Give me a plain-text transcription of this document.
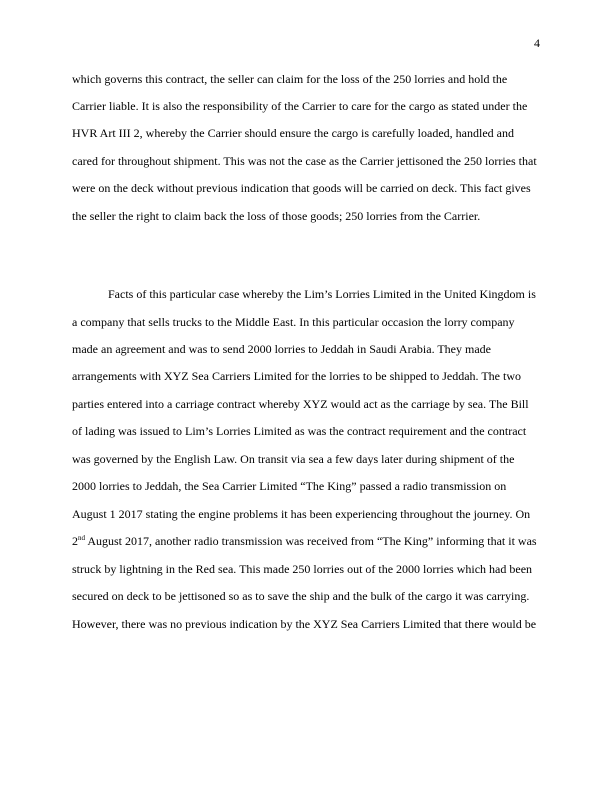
4
which governs this contract, the seller can claim for the loss of the 250 lorries and hold the
Carrier liable. It is also the responsibility of the Carrier to care for the cargo as stated under the
HVR Art III 2, whereby the Carrier should ensure the cargo is carefully loaded, handled and
cared for throughout shipment. This was not the case as the Carrier jettisoned the 250 lorries that
were on the deck without previous indication that goods will be carried on deck. This fact gives
the seller the right to claim back the loss of those goods; 250 lorries from the Carrier.
Facts of this particular case whereby the Lim’s Lorries Limited in the United Kingdom is
a company that sells trucks to the Middle East. In this particular occasion the lorry company
made an agreement and was to send 2000 lorries to Jeddah in Saudi Arabia. They made
arrangements with XYZ Sea Carriers Limited for the lorries to be shipped to Jeddah. The two
parties entered into a carriage contract whereby XYZ would act as the carriage by sea. The Bill
of lading was issued to Lim’s Lorries Limited as was the contract requirement and the contract
was governed by the English Law. On transit via sea a few days later during shipment of the
2000 lorries to Jeddah, the Sea Carrier Limited “The King” passed a radio transmission on
August 1 2017 stating the engine problems it has been experiencing throughout the journey. On
2nd August 2017, another radio transmission was received from “The King” informing that it was
struck by lightning in the Red sea. This made 250 lorries out of the 2000 lorries which had been
secured on deck to be jettisoned so as to save the ship and the bulk of the cargo it was carrying.
However, there was no previous indication by the XYZ Sea Carriers Limited that there would be
